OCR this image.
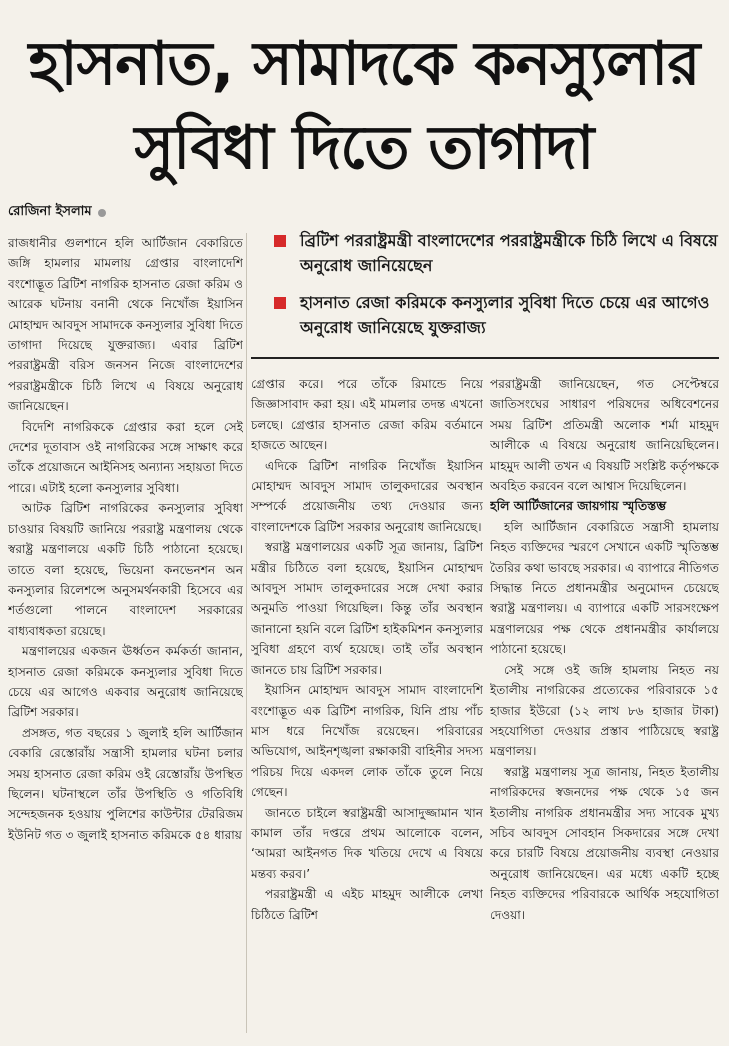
হাসনাত, সামাদকে কনস্যুলার
সুবিধা দিতে তাগাদা
রোজিনা ইসলাম
ব্রিটিশ পররাষ্ট্রমন্ত্রী বাংলাদেশের পররাষ্ট্রমন্ত্রীকে চিঠি লিখে এ বিষয়ে অনুরোধ জানিয়েছেন
হাসনাত রেজা করিমকে কনস্যুলার সুবিধা দিতে চেয়ে এর আগেও অনুরোধ জানিয়েছে যুক্তরাজ্য

রাজধানীর গুলশানে হলি আর্টিজান বেকারিতে জঙ্গি হামলার মামলায় গ্রেপ্তার বাংলাদেশি বংশোদ্ভূত ব্রিটিশ নাগরিক হাসনাত রেজা করিম ও আরেক ঘটনায় বনানী থেকে নিখোঁজ ইয়াসিন মোহাম্মদ আবদুস সামাদকে কনস্যুলার সুবিধা দিতে তাগাদা দিয়েছে যুক্তরাজ্য। এবার ব্রিটিশ পররাষ্ট্রমন্ত্রী বরিস জনসন নিজে বাংলাদেশের পররাষ্ট্রমন্ত্রীকে চিঠি লিখে এ বিষয়ে অনুরোধ জানিয়েছেন।

বিদেশি নাগরিককে গ্রেপ্তার করা হলে সেই দেশের দূতাবাস ওই নাগরিকের সঙ্গে সাক্ষাৎ করে তাঁকে প্রয়োজনে আইনিসহ অন্যান্য সহায়তা দিতে পারে। এটাই হলো কনস্যুলার সুবিধা।

আটক ব্রিটিশ নাগরিকের কনস্যুলার সুবিধা চাওয়ার বিষয়টি জানিয়ে পররাষ্ট্র মন্ত্রণালয় থেকে স্বরাষ্ট্র মন্ত্রণালয়ে একটি চিঠি পাঠানো হয়েছে। তাতে বলা হয়েছে, ভিয়েনা কনভেনশন অন কনস্যুলার রিলেশন্সে অনুসমর্থনকারী হিসেবে এর শর্তগুলো পালনে বাংলাদেশ সরকারের বাধ্যবাধকতা রয়েছে।

মন্ত্রণালয়ের একজন ঊর্ধ্বতন কর্মকর্তা জানান, হাসনাত রেজা করিমকে কনস্যুলার সুবিধা দিতে চেয়ে এর আগেও একবার অনুরোধ জানিয়েছে ব্রিটিশ সরকার।

প্রসঙ্গত, গত বছরের ১ জুলাই হলি আর্টিজান বেকারি রেস্তোরাঁয় সন্ত্রাসী হামলার ঘটনা চলার সময় হাসনাত রেজা করিম ওই রেস্তোরাঁয় উপস্থিত ছিলেন। ঘটনাস্থলে তাঁর উপস্থিতি ও গতিবিধি সন্দেহজনক হওয়ায় পুলিশের কাউন্টার টেররিজম ইউনিট গত ৩ জুলাই হাসনাত করিমকে ৫৪ ধারায়

গ্রেপ্তার করে। পরে তাঁকে রিমান্ডে নিয়ে জিজ্ঞাসাবাদ করা হয়। এই মামলার তদন্ত এখনো চলছে। গ্রেপ্তার হাসনাত রেজা করিম বর্তমানে হাজতে আছেন।

এদিকে ব্রিটিশ নাগরিক নিখোঁজ ইয়াসিন মোহাম্মদ আবদুস সামাদ তালুকদারের অবস্থান সম্পর্কে প্রয়োজনীয় তথ্য দেওয়ার জন্য বাংলাদেশকে ব্রিটিশ সরকার অনুরোধ জানিয়েছে।

স্বরাষ্ট্র মন্ত্রণালয়ের একটি সূত্র জানায়, ব্রিটিশ মন্ত্রীর চিঠিতে বলা হয়েছে, ইয়াসিন মোহাম্মদ আবদুস সামাদ তালুকদারের সঙ্গে দেখা করার অনুমতি পাওয়া গিয়েছিল। কিন্তু তাঁর অবস্থান জানানো হয়নি বলে ব্রিটিশ হাইকমিশন কনস্যুলার সুবিধা গ্রহণে ব্যর্থ হয়েছে। তাই তাঁর অবস্থান জানতে চায় ব্রিটিশ সরকার।

ইয়াসিন মোহাম্মদ আবদুস সামাদ বাংলাদেশি বংশোদ্ভূত এক ব্রিটিশ নাগরিক, যিনি প্রায় পাঁচ মাস ধরে নিখোঁজ রয়েছেন। পরিবারের অভিযোগ, আইনশৃঙ্খলা রক্ষাকারী বাহিনীর সদস্য পরিচয় দিয়ে একদল লোক তাঁকে তুলে নিয়ে গেছেন।

জানতে চাইলে স্বরাষ্ট্রমন্ত্রী আসাদুজ্জামান খান কামাল তাঁর দপ্তরে প্রথম আলোকে বলেন, ‘আমরা আইনগত দিক খতিয়ে দেখে এ বিষয়ে মন্তব্য করব।’

পররাষ্ট্রমন্ত্রী এ এইচ মাহমুদ আলীকে লেখা চিঠিতে ব্রিটিশ

পররাষ্ট্রমন্ত্রী জানিয়েছেন, গত সেপ্টেম্বরে জাতিসংঘের সাধারণ পরিষদের অধিবেশনের সময় ব্রিটিশ প্রতিমন্ত্রী অলোক শর্মা মাহমুদ আলীকে এ বিষয়ে অনুরোধ জানিয়েছিলেন। মাহমুদ আলী তখন এ বিষয়টি সংশ্লিষ্ট কর্তৃপক্ষকে অবহিত করবেন বলে আশ্বাস দিয়েছিলেন।

হলি আর্টিজানের জায়গায় স্মৃতিস্তম্ভ

হলি আর্টিজান বেকারিতে সন্ত্রাসী হামলায় নিহত ব্যক্তিদের স্মরণে সেখানে একটি স্মৃতিস্তম্ভ তৈরির কথা ভাবছে সরকার। এ ব্যাপারে নীতিগত সিদ্ধান্ত নিতে প্রধানমন্ত্রীর অনুমোদন চেয়েছে স্বরাষ্ট্র মন্ত্রণালয়। এ ব্যাপারে একটি সারসংক্ষেপ মন্ত্রণালয়ের পক্ষ থেকে প্রধানমন্ত্রীর কার্যালয়ে পাঠানো হয়েছে।

সেই সঙ্গে ওই জঙ্গি হামলায় নিহত নয় ইতালীয় নাগরিকের প্রত্যেকের পরিবারকে ১৫ হাজার ইউরো (১২ লাখ ৮৬ হাজার টাকা) সহযোগিতা দেওয়ার প্রস্তাব পাঠিয়েছে স্বরাষ্ট্র মন্ত্রণালয়।

স্বরাষ্ট্র মন্ত্রণালয় সূত্র জানায়, নিহত ইতালীয় নাগরিকদের স্বজনদের পক্ষ থেকে ১৫ জন ইতালীয় নাগরিক প্রধানমন্ত্রীর সদ্য সাবেক মুখ্য সচিব আবদুস সোবহান সিকদারের সঙ্গে দেখা করে চারটি বিষয়ে প্রয়োজনীয় ব্যবস্থা নেওয়ার অনুরোধ জানিয়েছেন। এর মধ্যে একটি হচ্ছে নিহত ব্যক্তিদের পরিবারকে আর্থিক সহযোগিতা দেওয়া।
